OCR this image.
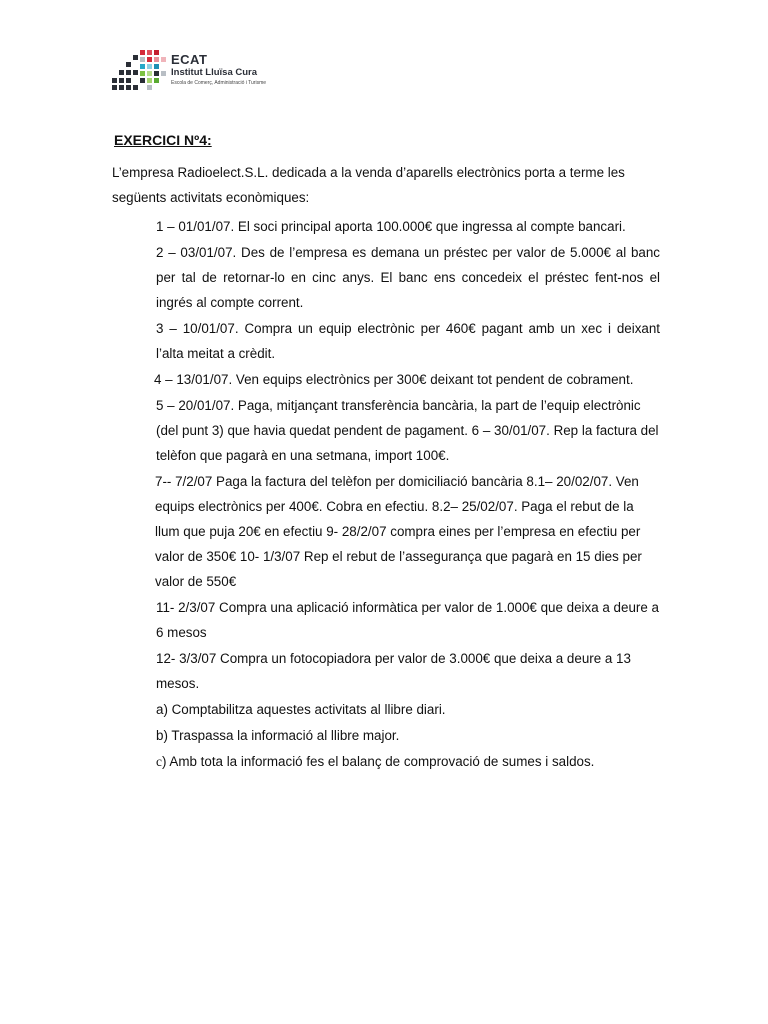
ECAT
Institut Lluïsa Cura
Escola de Comerç, Administració i Turisme
EXERCICI Nº4:
L’empresa Radioelect.S.L. dedicada a la venda d’aparells electrònics porta a terme les següents activitats econòmiques:
1 – 01/01/07. El soci principal aporta 100.000€ que ingressa al compte bancari.
2 – 03/01/07. Des de l’empresa es demana un préstec per valor de 5.000€ al banc per tal de retornar-lo en cinc anys. El banc ens concedeix el préstec fent-nos el ingrés al compte corrent.
3 – 10/01/07. Compra un equip electrònic per 460€ pagant amb un xec i deixant l’alta meitat a crèdit.
4 – 13/01/07. Ven equips electrònics per 300€ deixant tot pendent de cobrament.
5 – 20/01/07. Paga, mitjançant transferència bancària, la part de l’equip electrònic (del punt 3) que havia quedat pendent de pagament. 6 – 30/01/07. Rep la factura del telèfon que pagarà en una setmana, import 100€.
7-- 7/2/07 Paga la factura del telèfon per domiciliació bancària 8.1– 20/02/07. Ven equips electrònics per 400€. Cobra en efectiu. 8.2– 25/02/07. Paga el rebut de la llum que puja 20€ en efectiu 9- 28/2/07 compra eines per l’empresa en efectiu per valor de 350€ 10- 1/3/07 Rep el rebut de l’assegurança que pagarà en 15 dies per valor de 550€
11- 2/3/07 Compra una aplicació informàtica per valor de 1.000€ que deixa a deure a 6 mesos
12- 3/3/07 Compra un fotocopiadora per valor de 3.000€ que deixa a deure a 13 mesos.
a) Comptabilitza aquestes activitats al llibre diari.
b) Traspassa la informació al llibre major.
c) Amb tota la informació fes el balanç de comprovació de sumes i saldos.
